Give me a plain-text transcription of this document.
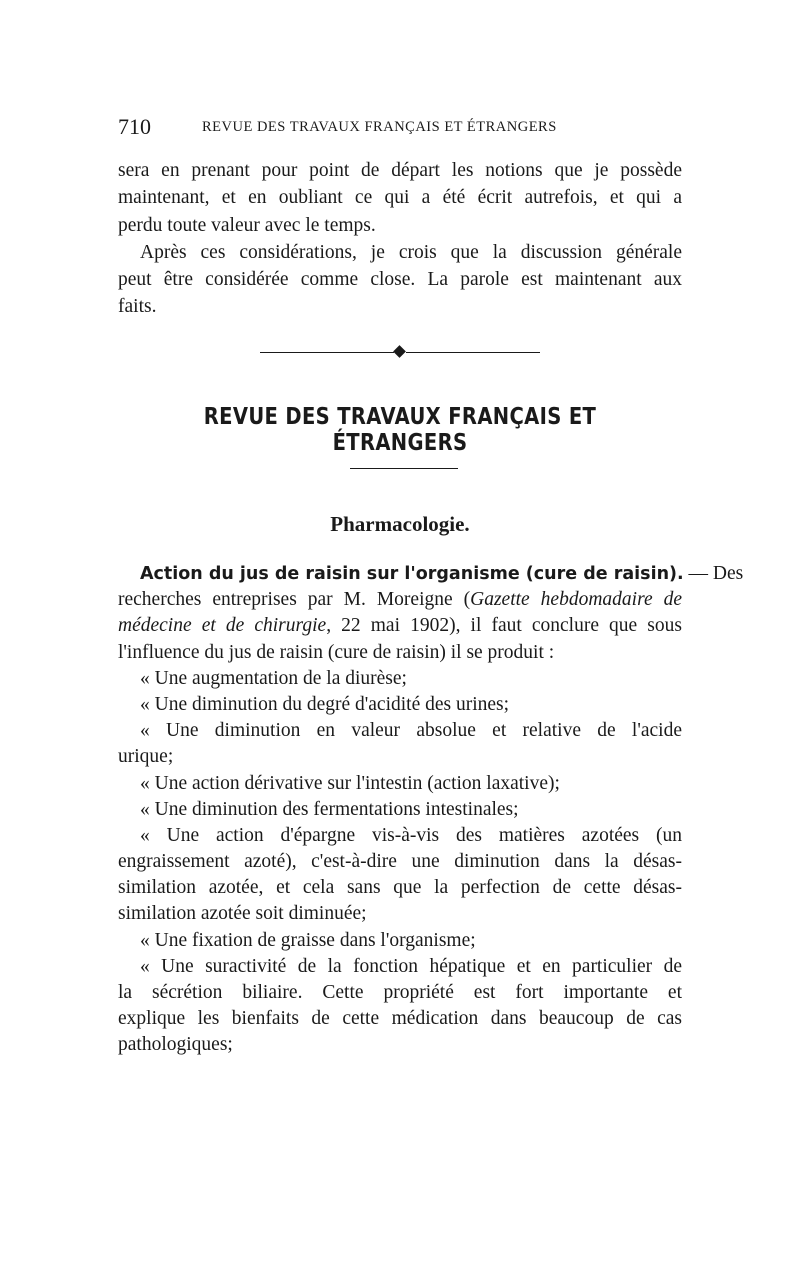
710	REVUE DES TRAVAUX FRANÇAIS ET ÉTRANGERS
sera en prenant pour point de départ les notions que je possède
maintenant, et en oubliant ce qui a été écrit autrefois, et qui a
perdu toute valeur avec le temps.
Après ces considérations, je crois que la discussion générale
peut être considérée comme close. La parole est maintenant aux
faits.
REVUE DES TRAVAUX FRANÇAIS ET ÉTRANGERS
Pharmacologie.
Action du jus de raisin sur l'organisme (cure de raisin). — Des
recherches entreprises par M. Moreigne (Gazette hebdomadaire de
médecine et de chirurgie, 22 mai 1902), il faut conclure que sous
l'influence du jus de raisin (cure de raisin) il se produit :
« Une augmentation de la diurèse;
« Une diminution du degré d'acidité des urines;
« Une diminution en valeur absolue et relative de l'acide
urique;
« Une action dérivative sur l'intestin (action laxative);
« Une diminution des fermentations intestinales;
« Une action d'épargne vis-à-vis des matières azotées (un
engraissement azoté), c'est-à-dire une diminution dans la désas-
similation azotée, et cela sans que la perfection de cette désas-
similation azotée soit diminuée;
« Une fixation de graisse dans l'organisme;
« Une suractivité de la fonction hépatique et en particulier de
la sécrétion biliaire. Cette propriété est fort importante et
explique les bienfaits de cette médication dans beaucoup de cas
pathologiques;
